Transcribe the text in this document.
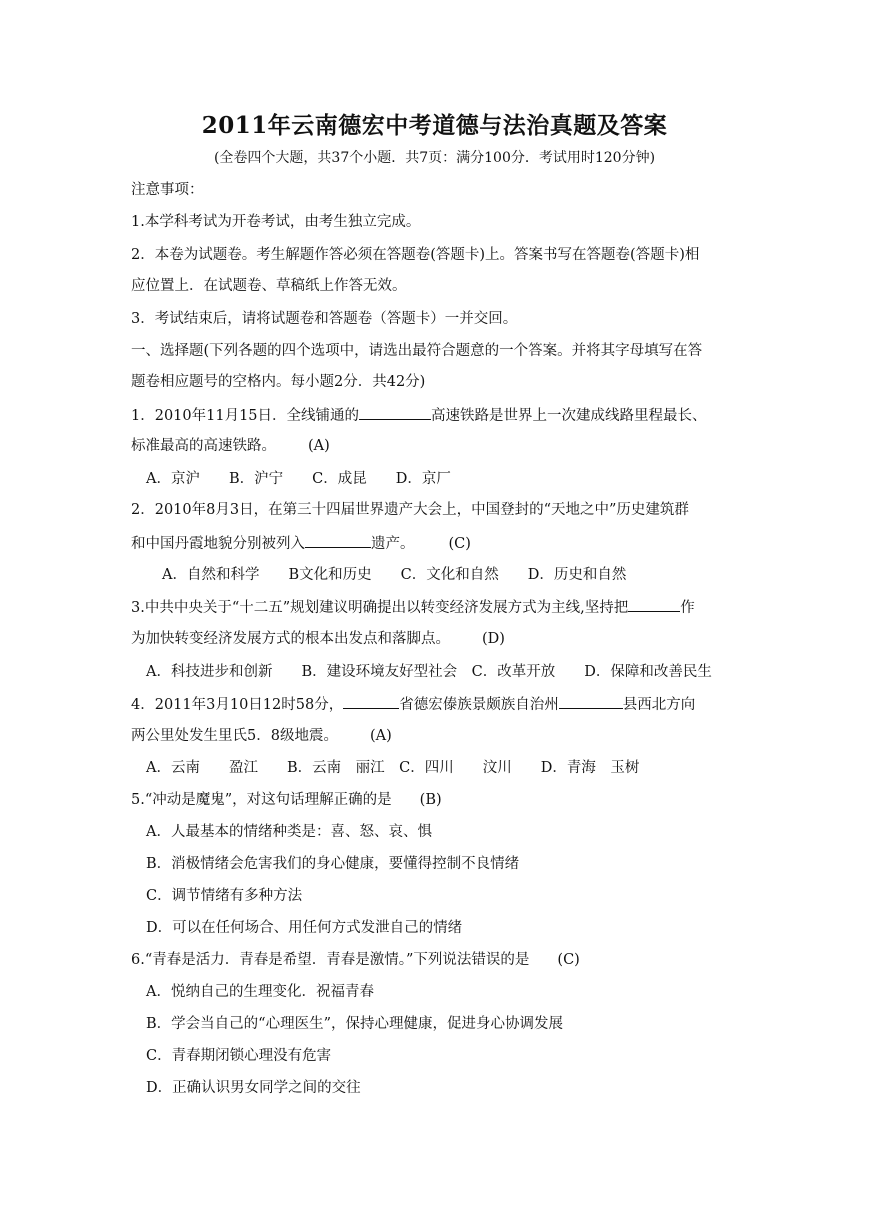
2011年云南德宏中考道德与法治真题及答案
(全卷四个大题，共37个小题．共7页：满分100分．考试用时120分钟)
注意事项：
1.本学科考试为开卷考试，由考生独立完成。
2．本卷为试题卷。考生解题作答必须在答题卷(答题卡)上。答案书写在答题卷(答题卡)相
应位置上．在试题卷、草稿纸上作答无效。
3．考试结束后，请将试题卷和答题卷（答题卡）一并交回。
一、选择题(下列各题的四个选项中，请选出最符合题意的一个答案。并将其字母填写在答
题卷相应题号的空格内。每小题2分．共42分)
1．2010年11月15日．全线铺通的	高速铁路是世界上一次建成线路里程最长、
标准最高的高速铁路。 (A)
A．京沪　　B．沪宁　　C．成昆　　D．京厂
2．2010年8月3日，在第三十四届世界遗产大会上，中国登封的“天地之中”历史建筑群
和中国丹霞地貌分别被列入	遗产。 (C)
A．自然和科学　　B文化和历史　　C．文化和自然　　D．历史和自然
3.中共中央关于“十二五”规划建议明确提出以转变经济发展方式为主线,坚持把	作
为加快转变经济发展方式的根本出发点和落脚点。 (D)
A．科技进步和创新　　B．建设环境友好型社会　C．改革开放　　D．保障和改善民生
4．2011年3月10日12时58分，	省德宏傣族景颇族自治州	县西北方向
两公里处发生里氏5．8级地震。 (A)
A．云南　　盈江　　B．云南　丽江　C．四川　　汶川　　D．青海　玉树
5.“冲动是魔鬼”，对这句话理解正确的是 (B)
A．人最基本的情绪种类是：喜、怒、哀、惧
B．消极情绪会危害我们的身心健康，要懂得控制不良情绪
C．调节情绪有多种方法
D．可以在任何场合、用任何方式发泄自己的情绪
6.“青春是活力．青春是希望．青春是激情。”下列说法错误的是 (C)
A．悦纳自己的生理变化．祝福青春
B．学会当自己的“心理医生”，保持心理健康，促进身心协调发展
C．青春期闭锁心理没有危害
D．正确认识男女同学之间的交往
